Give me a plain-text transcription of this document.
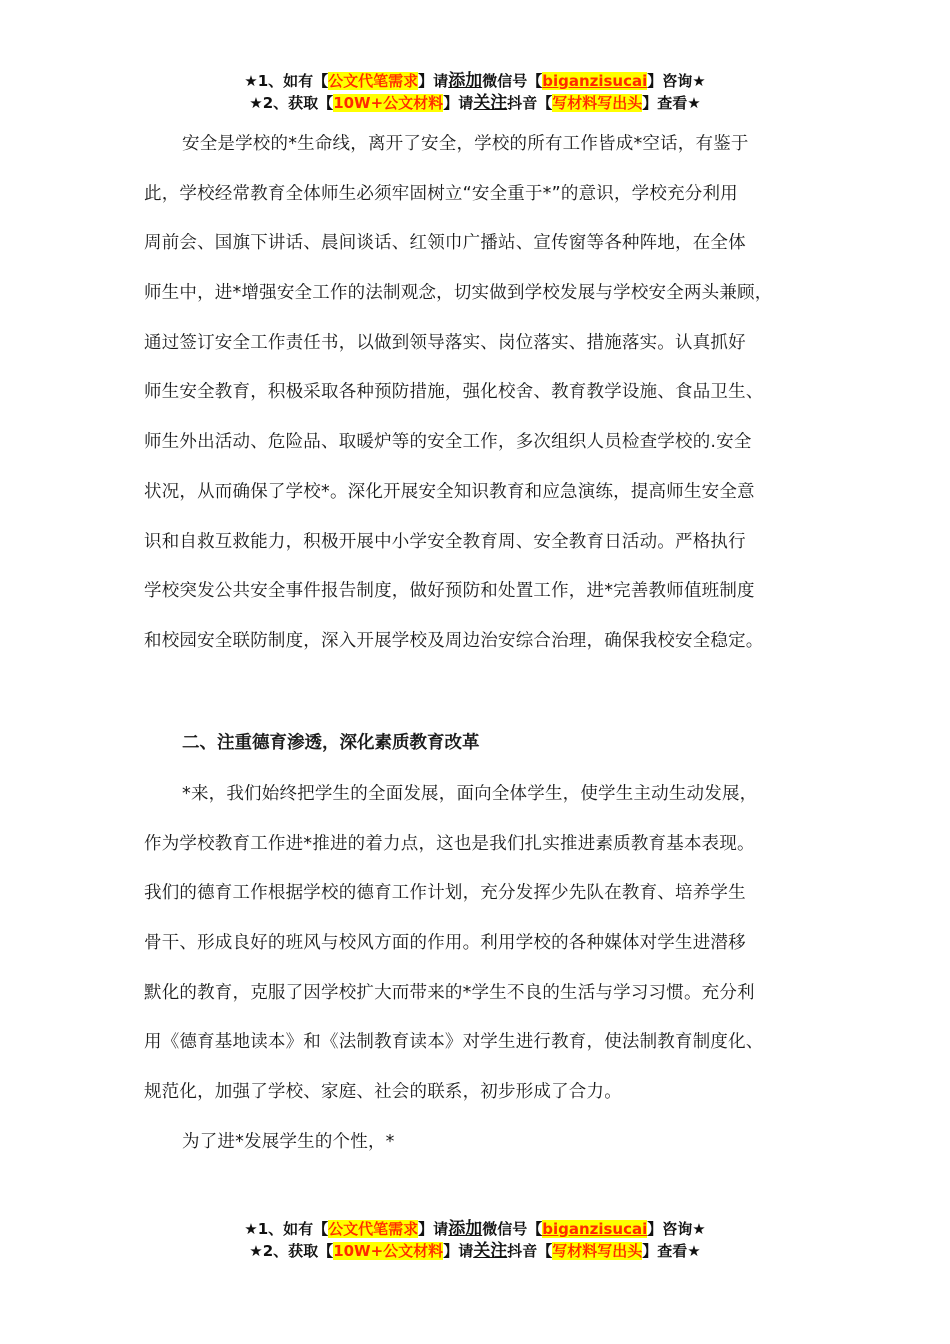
★1、如有【公文代笔需求】请添加微信号【biganzisucai】咨询★
★2、获取【10W+公文材料】请关注抖音【写材料写出头】查看★
安全是学校的*生命线，离开了安全，学校的所有工作皆成*空话，有鉴于
此，学校经常教育全体师生必须牢固树立“安全重于*”的意识，学校充分利用
周前会、国旗下讲话、晨间谈话、红领巾广播站、宣传窗等各种阵地，在全体
师生中，进*增强安全工作的法制观念，切实做到学校发展与学校安全两头兼顾，
通过签订安全工作责任书，以做到领导落实、岗位落实、措施落实。认真抓好
师生安全教育，积极采取各种预防措施，强化校舍、教育教学设施、食品卫生、
师生外出活动、危险品、取暖炉等的安全工作，多次组织人员检查学校的.安全
状况，从而确保了学校*。深化开展安全知识教育和应急演练，提高师生安全意
识和自救互救能力，积极开展中小学安全教育周、安全教育日活动。严格执行
学校突发公共安全事件报告制度，做好预防和处置工作，进*完善教师值班制度
和校园安全联防制度，深入开展学校及周边治安综合治理，确保我校安全稳定。
二、注重德育渗透，深化素质教育改革
*来，我们始终把学生的全面发展，面向全体学生，使学生主动生动发展，
作为学校教育工作进*推进的着力点，这也是我们扎实推进素质教育基本表现。
我们的德育工作根据学校的德育工作计划，充分发挥少先队在教育、培养学生
骨干、形成良好的班风与校风方面的作用。利用学校的各种媒体对学生进潜移
默化的教育，克服了因学校扩大而带来的*学生不良的生活与学习习惯。充分利
用《德育基地读本》和《法制教育读本》对学生进行教育，使法制教育制度化、
规范化，加强了学校、家庭、社会的联系，初步形成了合力。
为了进*发展学生的个性，*
★1、如有【公文代笔需求】请添加微信号【biganzisucai】咨询★
★2、获取【10W+公文材料】请关注抖音【写材料写出头】查看★
